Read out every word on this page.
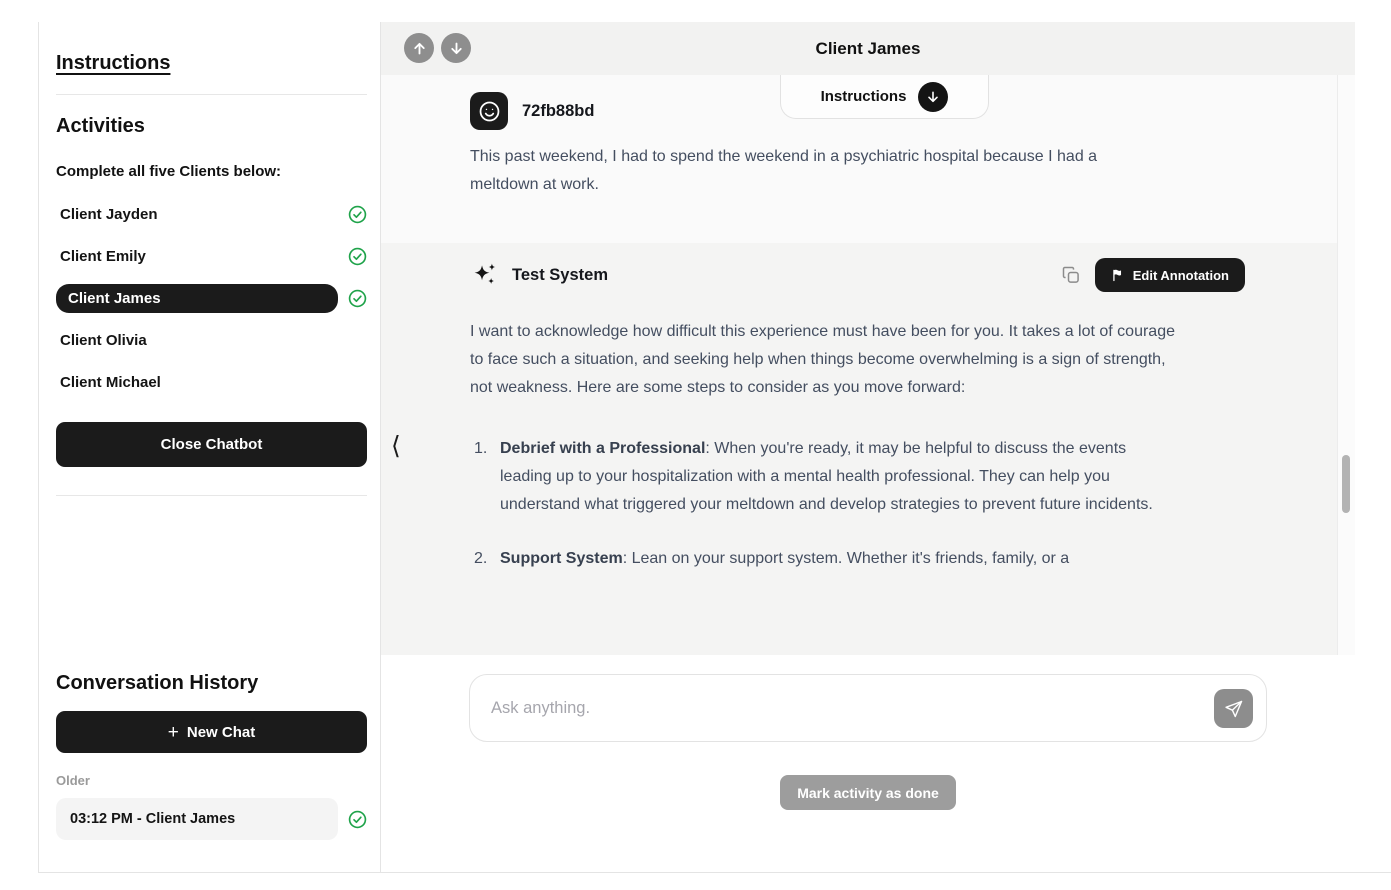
Instructions
Activities
Complete all five Clients below:
Client Jayden
Client Emily
Client James
Client Olivia
Client Michael
Close Chatbot
Conversation History
+ New Chat
Older
03:12 PM - Client James
Client James
72fb88bd
This past weekend, I had to spend the weekend in a psychiatric hospital because I had a meltdown at work.
Test System	Edit Annotation
I want to acknowledge how difficult this experience must have been for you. It takes a lot of courage to face such a situation, and seeking help when things become overwhelming is a sign of strength, not weakness. Here are some steps to consider as you move forward:
1. Debrief with a Professional: When you're ready, it may be helpful to discuss the events leading up to your hospitalization with a mental health professional. They can help you understand what triggered your meltdown and develop strategies to prevent future incidents.
2. Support System: Lean on your support system. Whether it's friends, family, or a
Instructions
⟨
Ask anything.
Mark activity as done
